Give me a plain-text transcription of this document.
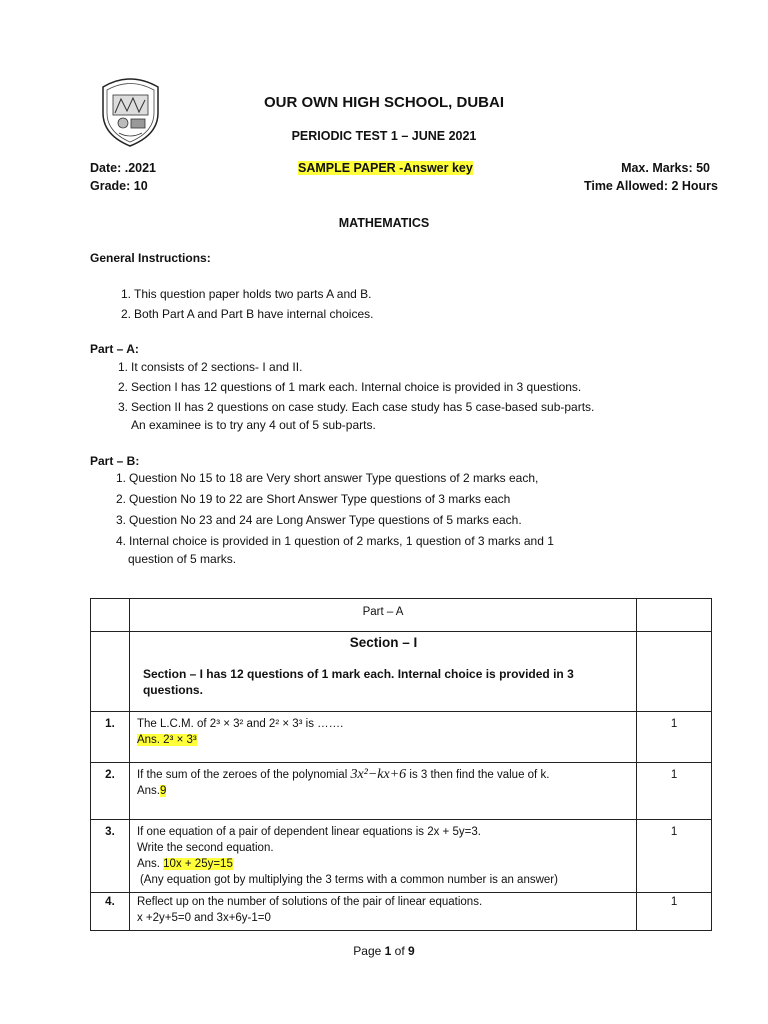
OUR OWN HIGH SCHOOL, DUBAI
PERIODIC TEST 1 – JUNE 2021
Date: .2021
Grade: 10
SAMPLE PAPER -Answer key	Max. Marks: 50
Time Allowed: 2 Hours
MATHEMATICS
General Instructions:
1. This question paper holds two parts A and B.
2. Both Part A and Part B have internal choices.
Part – A:
1. It consists of 2 sections- I and II.
2. Section I has 12 questions of 1 mark each. Internal choice is provided in 3 questions.
3. Section II has 2 questions on case study. Each case study has 5 case-based sub-parts.
An examinee is to try any 4 out of 5 sub-parts.
Part – B:
1. Question No 15 to 18 are Very short answer Type questions of 2 marks each,
2. Question No 19 to 22 are Short Answer Type questions of 3 marks each
3. Question No 23 and 24 are Long Answer Type questions of 5 marks each.
4. Internal choice is provided in 1 question of 2 marks, 1 question of 3 marks and 1
question of 5 marks.
	Part – A	

	Section – I
Section – I has 12 questions of 1 mark each. Internal choice is provided in 3 questions.	

1.	The L.C.M. of 2³ × 3² and 2² × 3³ is …….
Ans. 2³ × 3³	1
2.	If the sum of the zeroes of the polynomial 3x²−kx+6 is 3 then find the value of k.
Ans.9	1
3.	If one equation of a pair of dependent linear equations is 2x + 5y=3.
Write the second equation.
Ans. 10x + 25y=15
(Any equation got by multiplying the 3 terms with a common number is an answer)	1
4.	Reflect up on the number of solutions of the pair of linear equations.
x +2y+5=0 and 3x+6y-1=0	1
Page 1 of 9
